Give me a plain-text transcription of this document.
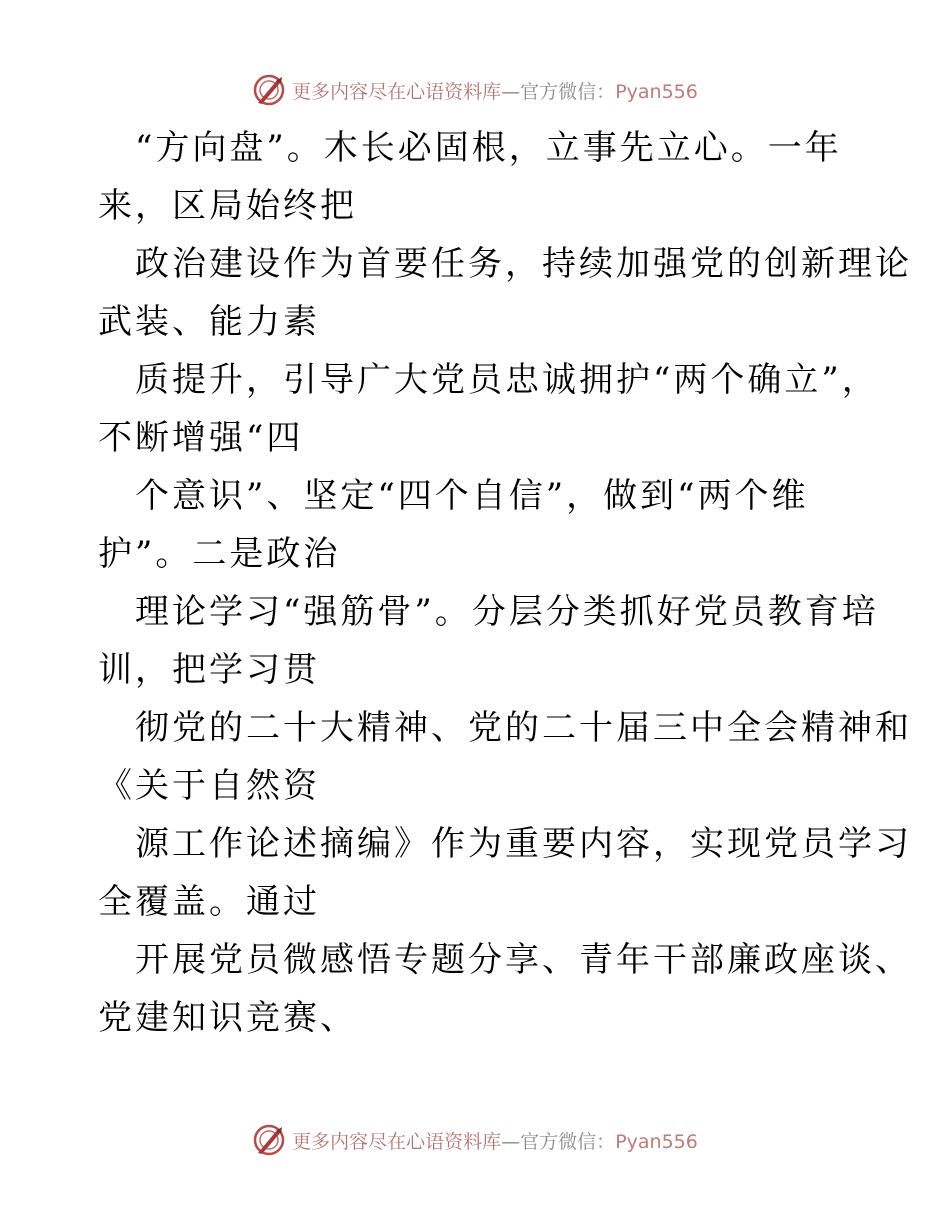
更多内容尽在心语资料库—官方微信：Pyan556
“方向盘”。木长必固根，立事先立心。一年
来，区局始终把
政治建设作为首要任务，持续加强党的创新理论
武装、能力素
质提升，引导广大党员忠诚拥护“两个确立”，
不断增强“四
个意识”、坚定“四个自信”，做到“两个维
护”。二是政治
理论学习“强筋骨”。分层分类抓好党员教育培
训，把学习贯
彻党的二十大精神、党的二十届三中全会精神和
《关于自然资
源工作论述摘编》作为重要内容，实现党员学习
全覆盖。通过
开展党员微感悟专题分享、青年干部廉政座谈、
党建知识竞赛、
更多内容尽在心语资料库—官方微信：Pyan556
